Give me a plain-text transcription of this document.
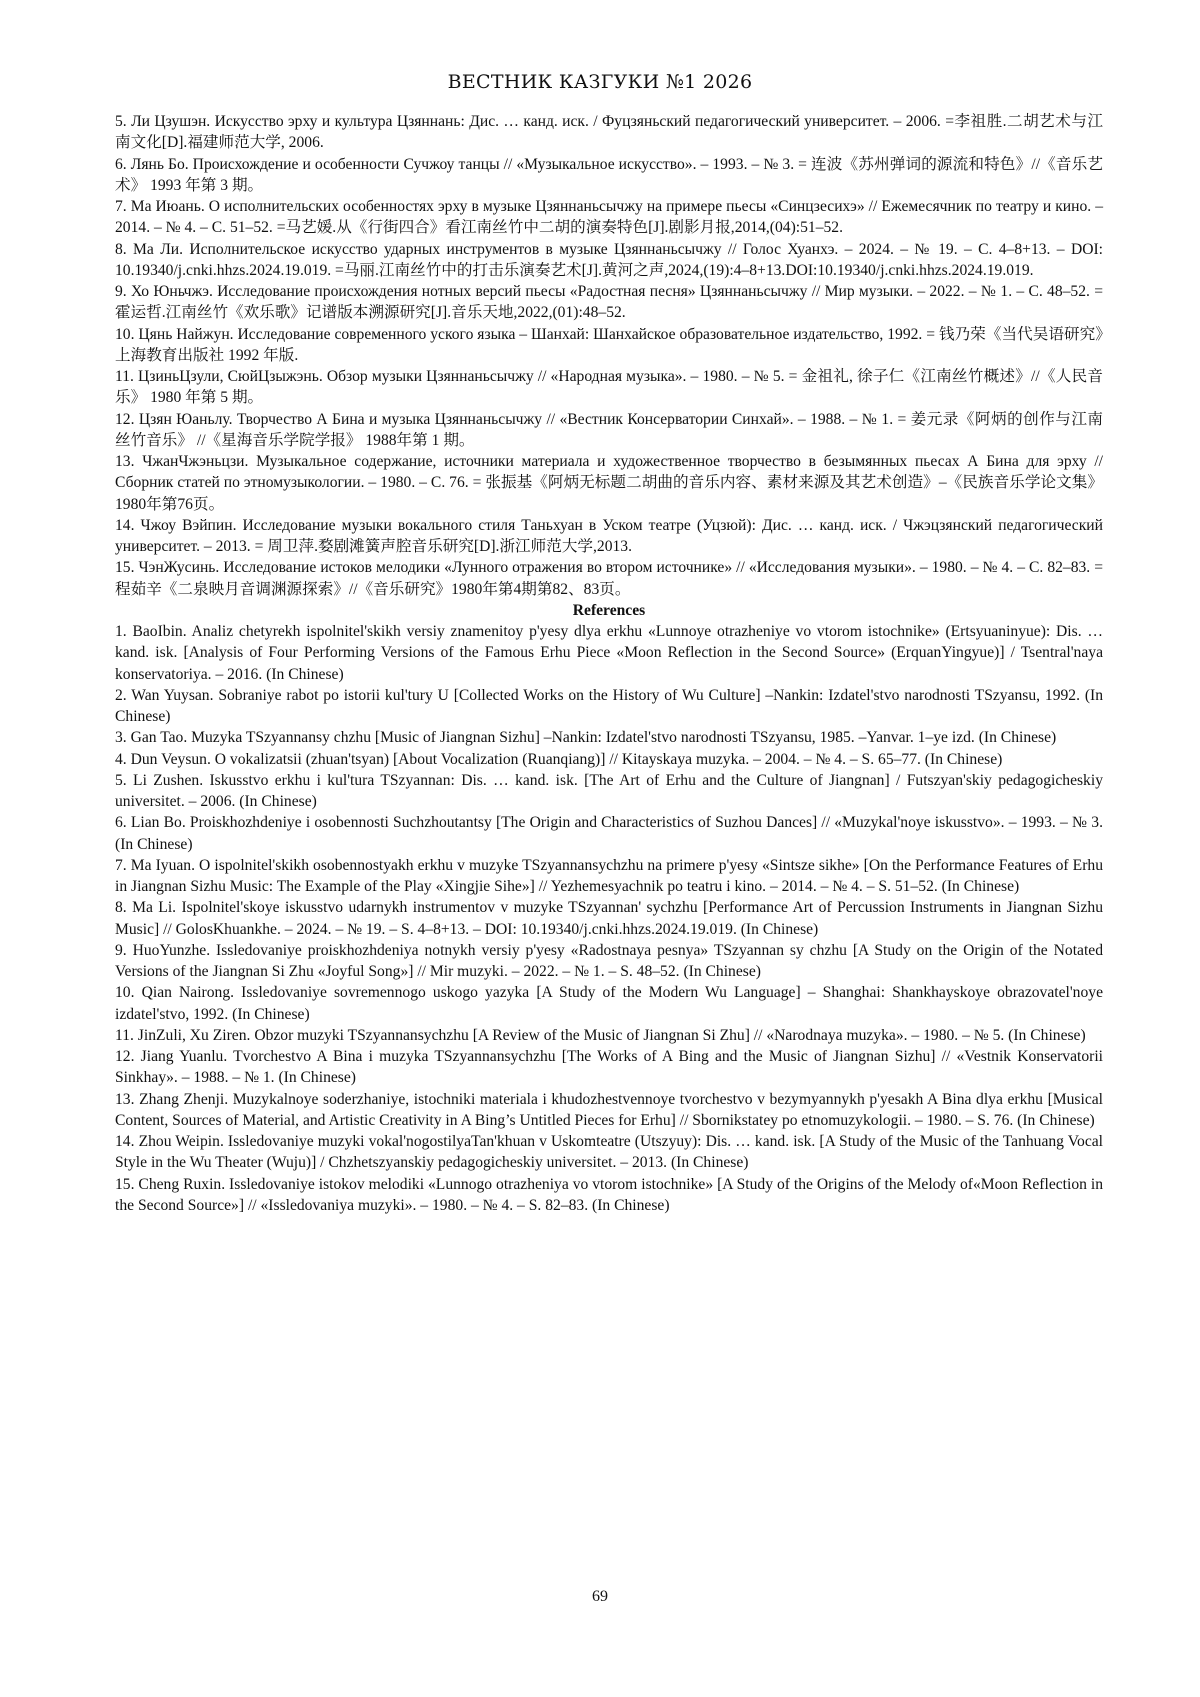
ВЕСТНИК КАЗГУКИ №1 2026

5. Ли Цзушэн. Искусство эрху и культура Цзяннань: Дис. … канд. иск. / Фуцзяньский педагогический университет. – 2006. =李祖胜.二胡艺术与江南文化[D].福建师范大学, 2006.

6. Лянь Бо. Происхождение и особенности Сучжоу танцы // «Музыкальное искусство». – 1993. – № 3. = 连波《苏州弹词的源流和特色》//《音乐艺术》 1993 年第 3 期。

7. Ма Июань. О исполнительских особенностях эрху в музыке Цзяннаньсычжу на примере пьесы «Синцзесихэ» // Ежемесячник по театру и кино. – 2014. – № 4. – С. 51–52. =马艺媛.从《行街四合》看江南丝竹中二胡的演奏特色[J].剧影月报,2014,(04):51–52.

8. Ма Ли. Исполнительское искусство ударных инструментов в музыке Цзяннаньсычжу // Голос Хуанхэ. – 2024. – № 19. – С. 4–8+13. – DOI: 10.19340/j.cnki.hhzs.2024.19.019. =马丽.江南丝竹中的打击乐演奏艺术[J].黄河之声,2024,(19):4–8+13.DOI:10.19340/j.cnki.hhzs.2024.19.019.

9. Хо Юньчжэ. Исследование происхождения нотных версий пьесы «Радостная песня» Цзяннаньсычжу // Мир музыки. – 2022. – № 1. – С. 48–52. = 霍运哲.江南丝竹《欢乐歌》记谱版本溯源研究[J].音乐天地,2022,(01):48–52.

10. Цянь Найжун. Исследование современного уского языка – Шанхай: Шанхайское образовательное издательство, 1992. = 钱乃荣《当代吴语研究》上海教育出版社 1992 年版.

11. ЦзиньЦзули, СюйЦзыжэнь. Обзор музыки Цзяннаньсычжу // «Народная музыка». – 1980. – № 5. = 金祖礼, 徐子仁《江南丝竹概述》//《人民音乐》 1980 年第 5 期。

12. Цзян Юаньлу. Творчество А Бина и музыка Цзяннаньсычжу // «Вестник Консерватории Синхай». – 1988. – № 1. = 姜元录《阿炳的创作与江南丝竹音乐》 //《星海音乐学院学报》 1988年第 1 期。

13. ЧжанЧжэньцзи. Музыкальное содержание, источники материала и художественное творчество в безымянных пьесах А Бина для эрху // Сборник статей по этномузыкологии. – 1980. – С. 76. = 张振基《阿炳无标题二胡曲的音乐内容、素材来源及其艺术创造》–《民族音乐学论文集》1980年第76页。

14. Чжоу Вэйпин. Исследование музыки вокального стиля Таньхуан в Уском театре (Уцзюй): Дис. … канд. иск. / Чжэцзянский педагогический университет. – 2013. = 周卫萍.婺剧滩簧声腔音乐研究[D].浙江师范大学,2013.

15. ЧэнЖусинь. Исследование истоков мелодики «Лунного отражения во втором источнике» // «Исследования музыки». – 1980. – № 4. – С. 82–83. = 程茹辛《二泉映月音调渊源探索》//《音乐研究》1980年第4期第82、83页。

References

1. BaoIbin. Analiz chetyrekh ispolnitel'skikh versiy znamenitoy p'yesy dlya erkhu «Lunnoye otrazheniye vo vtorom istochnike» (Ertsyuaninyue): Dis. … kand. isk. [Analysis of Four Performing Versions of the Famous Erhu Piece «Moon Reflection in the Second Source» (ErquanYingyue)] / Tsentral'naya konservatoriya. – 2016. (In Chinese)

2. Wan Yuysan. Sobraniye rabot po istorii kul'tury U [Collected Works on the History of Wu Culture] –Nankin: Izdatel'stvo narodnosti TSzyansu, 1992. (In Chinese)

3. Gan Tao. Muzyka TSzyannansy chzhu [Music of Jiangnan Sizhu] –Nankin: Izdatel'stvo narodnosti TSzyansu, 1985. –Yanvar. 1–ye izd. (In Chinese)

4. Dun Veysun. O vokalizatsii (zhuan'tsyan) [About Vocalization (Ruanqiang)] // Kitayskaya muzyka. – 2004. – № 4. – S. 65–77. (In Chinese)

5. Li Zushen. Iskusstvo erkhu i kul'tura TSzyannan: Dis. … kand. isk. [The Art of Erhu and the Culture of Jiangnan] / Futszyan'skiy pedagogicheskiy universitet. – 2006. (In Chinese)

6. Lian Bo. Proiskhozhdeniye i osobennosti Suchzhoutantsy [The Origin and Characteristics of Suzhou Dances] // «Muzykal'noye iskusstvo». – 1993. – № 3. (In Chinese)

7. Ma Iyuan. O ispolnitel'skikh osobennostyakh erkhu v muzyke TSzyannansychzhu na primere p'yesy «Sintsze sikhe» [On the Performance Features of Erhu in Jiangnan Sizhu Music: The Example of the Play «Xingjie Sihe»] // Yezhemesyachnik po teatru i kino. – 2014. – № 4. – S. 51–52. (In Chinese)

8. Ma Li. Ispolnitel'skoye iskusstvo udarnykh instrumentov v muzyke TSzyannan' sychzhu [Performance Art of Percussion Instruments in Jiangnan Sizhu Music] // GolosKhuankhe. – 2024. – № 19. – S. 4–8+13. – DOI: 10.19340/j.cnki.hhzs.2024.19.019. (In Chinese)

9. HuoYunzhe. Issledovaniye proiskhozhdeniya notnykh versiy p'yesy «Radostnaya pesnya» TSzyannan sy chzhu [A Study on the Origin of the Notated Versions of the Jiangnan Si Zhu «Joyful Song»] // Mir muzyki. – 2022. – № 1. – S. 48–52. (In Chinese)

10. Qian Nairong. Issledovaniye sovremennogo uskogo yazyka [A Study of the Modern Wu Language] – Shanghai: Shankhayskoye obrazovatel'noye izdatel'stvo, 1992. (In Chinese)

11. JinZuli, Xu Ziren. Obzor muzyki TSzyannansychzhu [A Review of the Music of Jiangnan Si Zhu] // «Narodnaya muzyka». – 1980. – № 5. (In Chinese)

12. Jiang Yuanlu. Tvorchestvo A Bina i muzyka TSzyannansychzhu [The Works of A Bing and the Music of Jiangnan Sizhu] // «Vestnik Konservatorii Sinkhay». – 1988. – № 1. (In Chinese)

13. Zhang Zhenji. Muzykalnoye soderzhaniye, istochniki materiala i khudozhestvennoye tvorchestvo v bezymyannykh p'yesakh A Bina dlya erkhu [Musical Content, Sources of Material, and Artistic Creativity in A Bing’s Untitled Pieces for Erhu] // Sbornikstatey po etnomuzykologii. – 1980. – S. 76. (In Chinese)

14. Zhou Weipin. Issledovaniye muzyki vokal'nogostilyaTan'khuan v Uskomteatre (Utszyuy): Dis. … kand. isk. [A Study of the Music of the Tanhuang Vocal Style in the Wu Theater (Wuju)] / Chzhetszyanskiy pedagogicheskiy universitet. – 2013. (In Chinese)

15. Cheng Ruxin. Issledovaniye istokov melodiki «Lunnogo otrazheniya vo vtorom istochnike» [A Study of the Origins of the Melody of«Moon Reflection in the Second Source»] // «Issledovaniya muzyki». – 1980. – № 4. – S. 82–83. (In Chinese)

69
